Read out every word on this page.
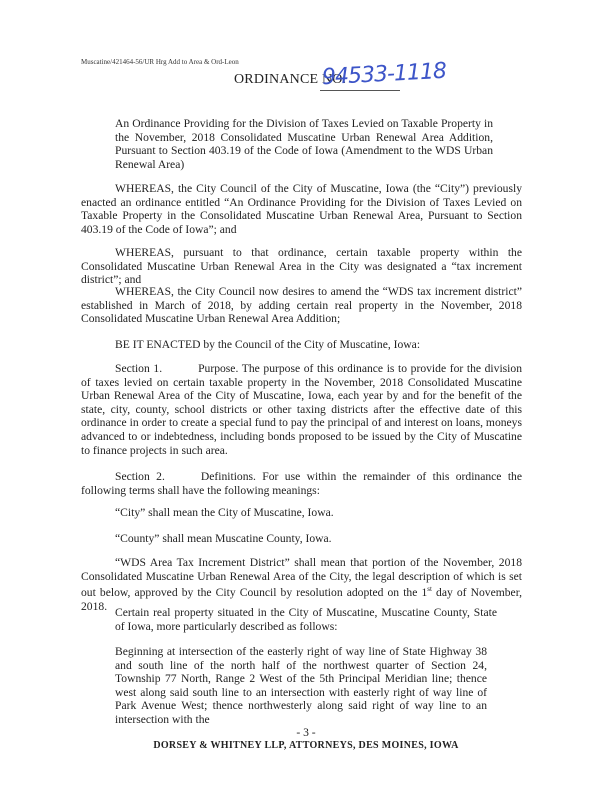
Muscatine/421464-56/UR Hrg Add to Area & Ord-Leon
ORDINANCE NO.
94533-1118

An Ordinance Providing for the Division of Taxes Levied on Taxable Property in the November, 2018 Consolidated Muscatine Urban Renewal Area Addition, Pursuant to Section 403.19 of the Code of Iowa (Amendment to the WDS Urban Renewal Area)

WHEREAS, the City Council of the City of Muscatine, Iowa (the “City”) previously enacted an ordinance entitled “An Ordinance Providing for the Division of Taxes Levied on Taxable Property in the Consolidated Muscatine Urban Renewal Area, Pursuant to Section 403.19 of the Code of Iowa”; and

WHEREAS, pursuant to that ordinance, certain taxable property within the Consolidated Muscatine Urban Renewal Area in the City was designated a “tax increment district”; and

WHEREAS, the City Council now desires to amend the “WDS tax increment district” established in March of 2018, by adding certain real property in the November, 2018 Consolidated Muscatine Urban Renewal Area Addition;

BE IT ENACTED by the Council of the City of Muscatine, Iowa:

Section 1.	Purpose. The purpose of this ordinance is to provide for the division of taxes levied on certain taxable property in the November, 2018 Consolidated Muscatine Urban Renewal Area of the City of Muscatine, Iowa, each year by and for the benefit of the state, city, county, school districts or other taxing districts after the effective date of this ordinance in order to create a special fund to pay the principal of and interest on loans, moneys advanced to or indebtedness, including bonds proposed to be issued by the City of Muscatine to finance projects in such area.

Section 2.	Definitions. For use within the remainder of this ordinance the following terms shall have the following meanings:

“City” shall mean the City of Muscatine, Iowa.

“County” shall mean Muscatine County, Iowa.

“WDS Area Tax Increment District” shall mean that portion of the November, 2018 Consolidated Muscatine Urban Renewal Area of the City, the legal description of which is set out below, approved by the City Council by resolution adopted on the 1st day of November, 2018. Certain real property situated in the City of Muscatine, Muscatine County, State of Iowa, more particularly described as follows:

Beginning at intersection of the easterly right of way line of State Highway 38 and south line of the north half of the northwest quarter of Section 24, Township 77 North, Range 2 West of the 5th Principal Meridian line; thence west along said south line to an intersection with easterly right of way line of Park Avenue West; thence northwesterly along said right of way line to an intersection with the

- 3 -
DORSEY & WHITNEY LLP, ATTORNEYS, DES MOINES, IOWA
